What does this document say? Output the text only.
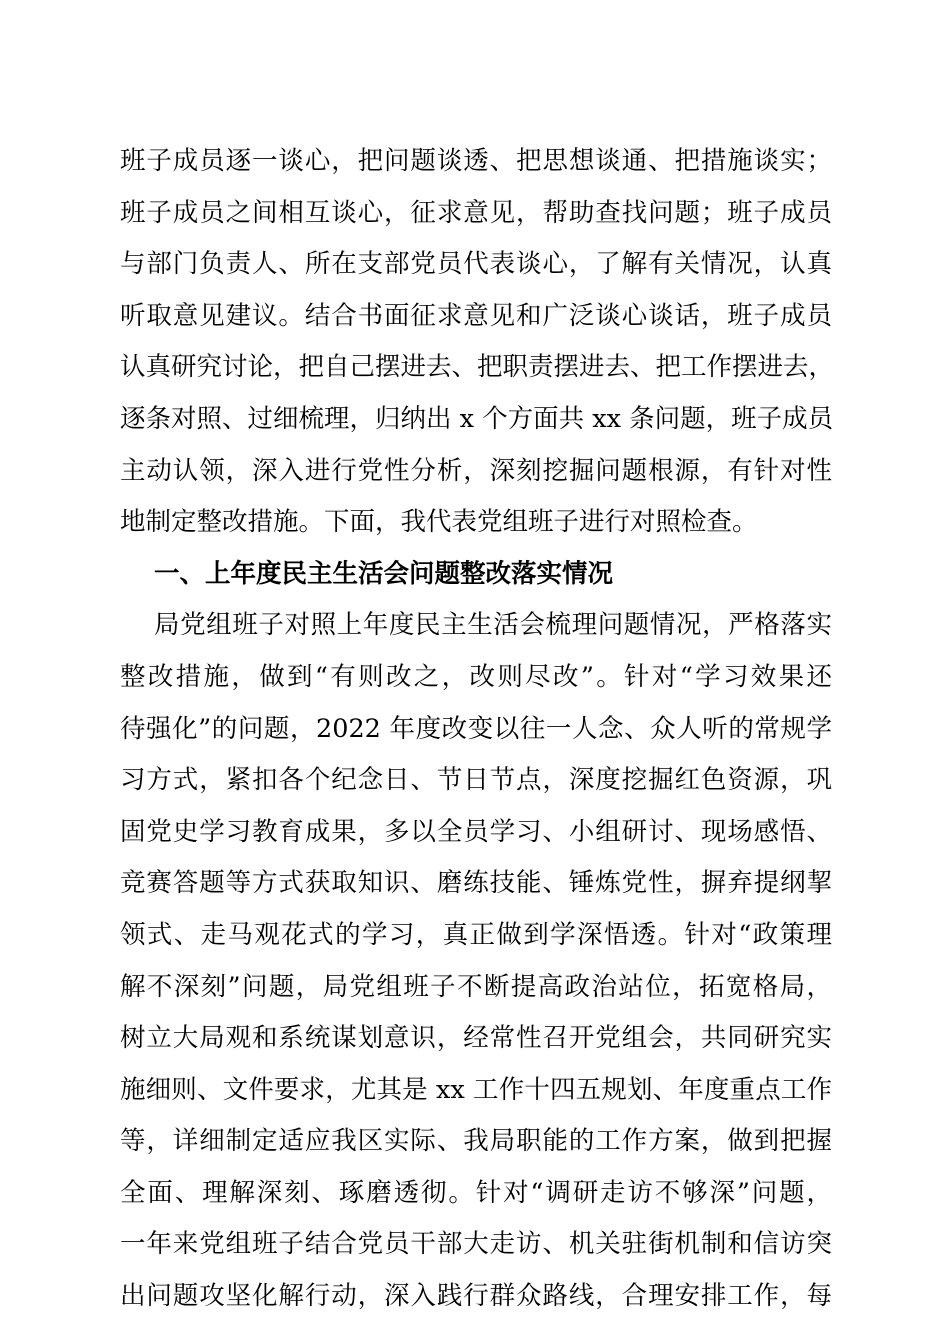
班子成员逐一谈心，把问题谈透、把思想谈通、把措施谈实；
班子成员之间相互谈心，征求意见，帮助查找问题；班子成员
与部门负责人、所在支部党员代表谈心，了解有关情况，认真
听取意见建议。结合书面征求意见和广泛谈心谈话，班子成员
认真研究讨论，把自己摆进去、把职责摆进去、把工作摆进去，
逐条对照、过细梳理，归纳出 x 个方面共 xx 条问题，班子成员
主动认领，深入进行党性分析，深刻挖掘问题根源，有针对性
地制定整改措施。下面，我代表党组班子进行对照检查。
一、上年度民主生活会问题整改落实情况
局党组班子对照上年度民主生活会梳理问题情况，严格落实
整改措施，做到“有则改之，改则尽改”。针对“学习效果还
待强化”的问题，2022 年度改变以往一人念、众人听的常规学
习方式，紧扣各个纪念日、节日节点，深度挖掘红色资源，巩
固党史学习教育成果，多以全员学习、小组研讨、现场感悟、
竞赛答题等方式获取知识、磨练技能、锤炼党性，摒弃提纲挈
领式、走马观花式的学习，真正做到学深悟透。针对“政策理
解不深刻”问题，局党组班子不断提高政治站位，拓宽格局，
树立大局观和系统谋划意识，经常性召开党组会，共同研究实
施细则、文件要求，尤其是 xx 工作十四五规划、年度重点工作
等，详细制定适应我区实际、我局职能的工作方案，做到把握
全面、理解深刻、琢磨透彻。针对“调研走访不够深”问题，
一年来党组班子结合党员干部大走访、机关驻街机制和信访突
出问题攻坚化解行动，深入践行群众路线，合理安排工作，每
